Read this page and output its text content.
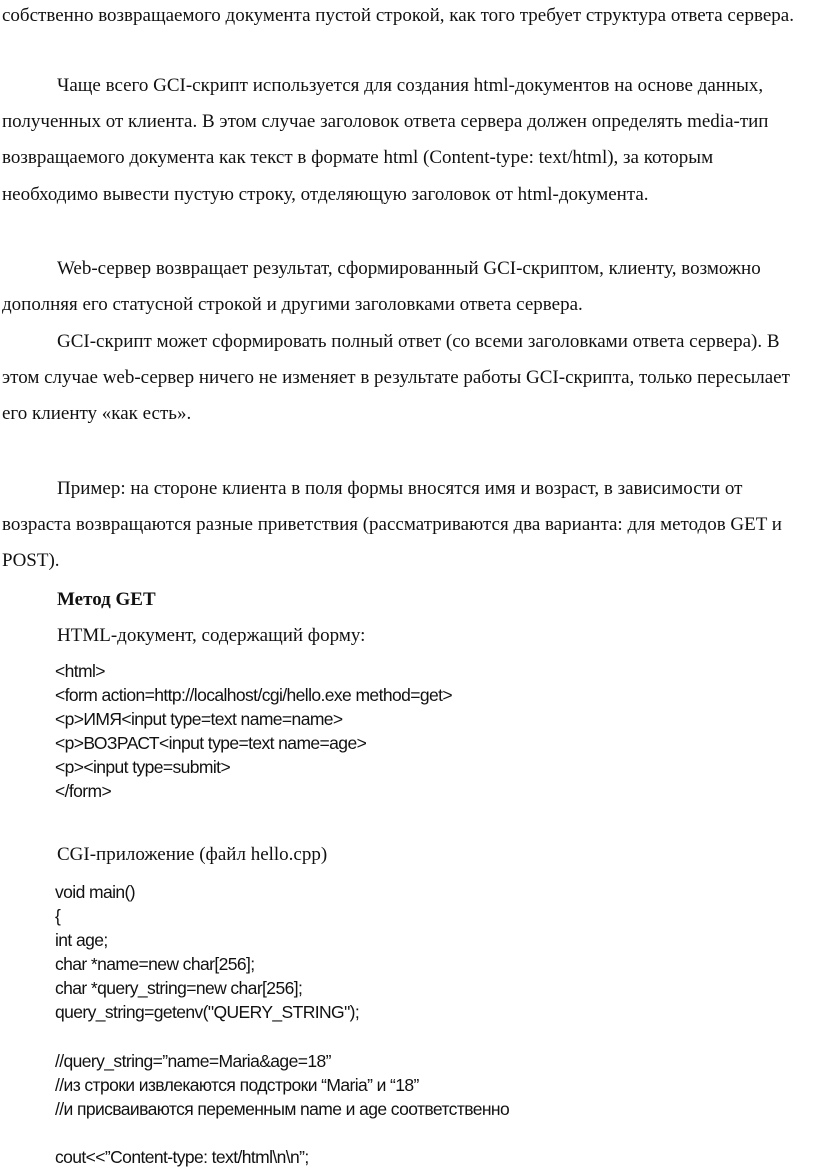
собственно возвращаемого документа пустой строкой, как того требует структура ответа сервера.

Чаще всего GCI-скрипт используется для создания html-документов на основе данных, полученных от клиента. В этом случае заголовок ответа сервера должен определять media-тип возвращаемого документа как текст в формате html (Content-type: text/html), за которым необходимо вывести пустую строку, отделяющую заголовок от html-документа.

Web-сервер возвращает результат, сформированный GCI-скриптом, клиенту, возможно дополняя его статусной строкой и другими заголовками ответа сервера.

GCI-скрипт может сформировать полный ответ (со всеми заголовками ответа сервера). В этом случае web-сервер ничего не изменяет в результате работы GCI-скрипта, только пересылает его клиенту «как есть».

Пример: на стороне клиента в поля формы вносятся имя и возраст, в зависимости от возраста возвращаются разные приветствия (рассматриваются два варианта: для методов GET и POST).

Метод GET

HTML-документ, содержащий форму:

<html>
<form action=http://localhost/cgi/hello.exe method=get>
<p>ИМЯ<input type=text name=name>
<p>ВОЗРАСТ<input type=text name=age>
<p><input type=submit>
</form>

CGI-приложение (файл hello.cpp)

void main()
{
int age;
char *name=new char[256];
char *query_string=new char[256];
query_string=getenv("QUERY_STRING");
//query_string=”name=Maria&age=18”
//из строки извлекаются подстроки “Maria” и “18”
//и присваиваются переменным name и age соответственно
cout<<”Content-type: text/html\n\n”;
